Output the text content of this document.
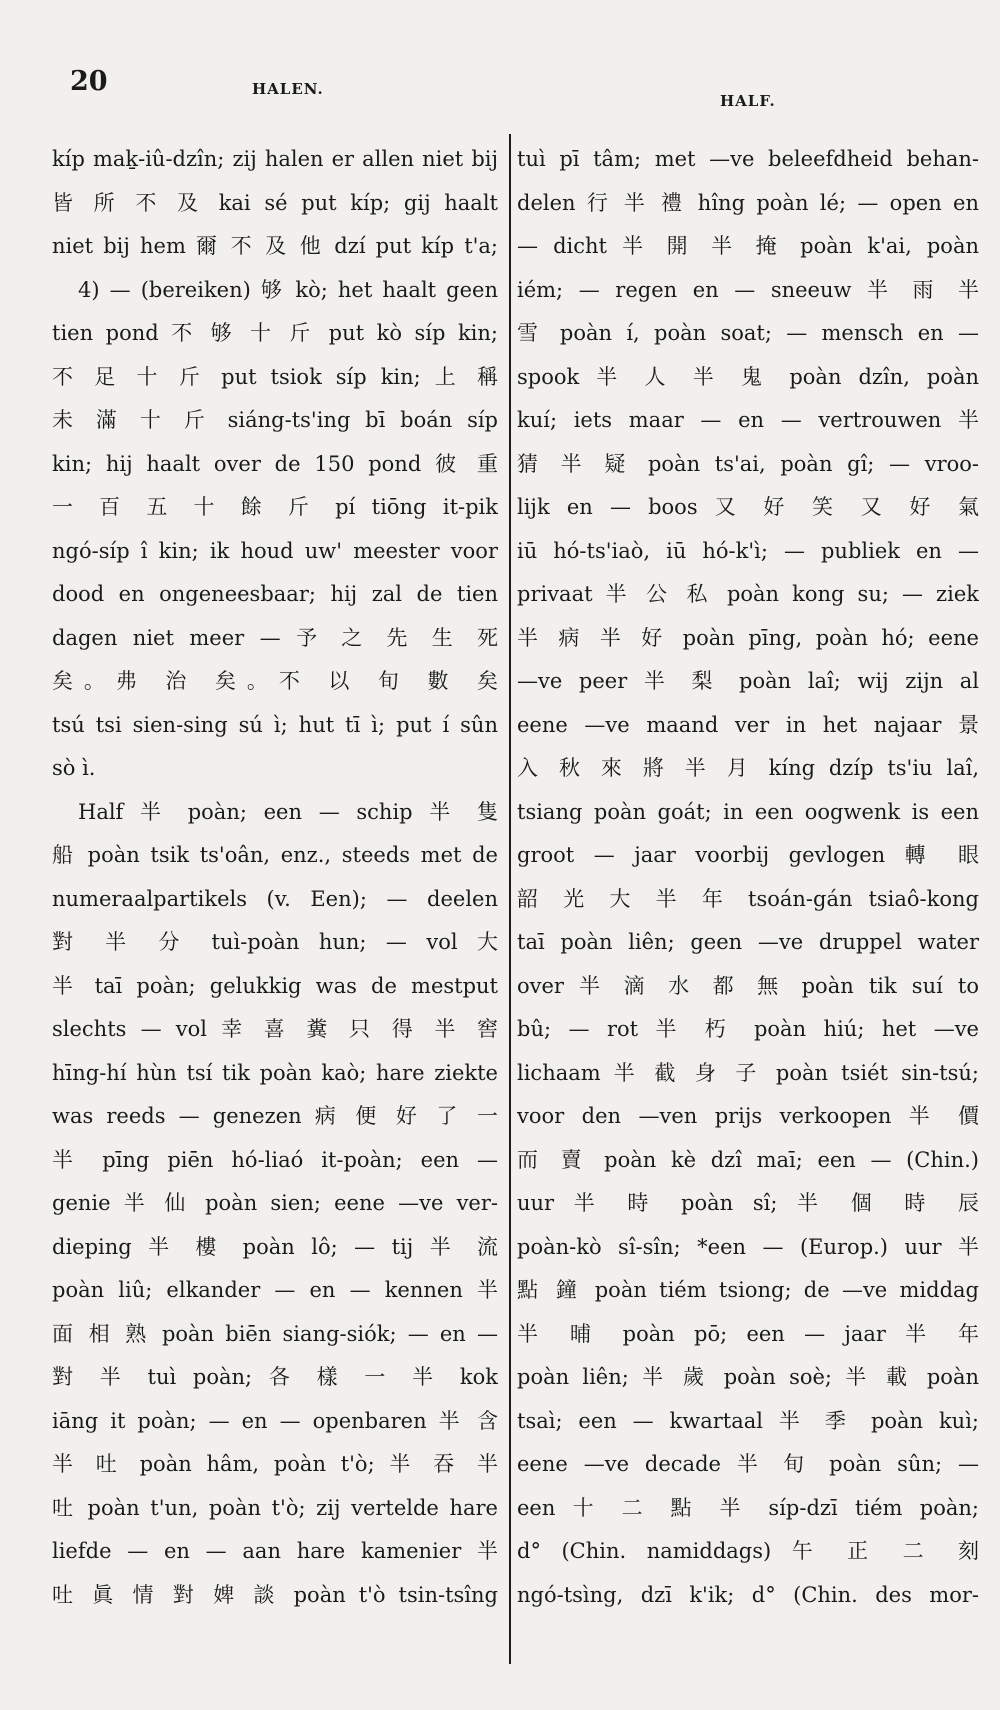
20	HALEN.
HALF.
kíp maḵ-iû-dzîn; zij halen er allen niet bij
皆 所 不 及 kai sé put kíp; gij haalt
niet bij hem 爾 不 及 他 dzí put kíp t'a;
4) — (bereiken) 够 kò; het haalt geen
tien pond 不 够 十 斤 put kò síp kin;
不 足 十 斤 put tsiok síp kin; 上 稱
未 滿 十 斤 siáng-ts'ing bī boán síp
kin; hij haalt over de 150 pond 彼 重
一 百 五 十 餘 斤 pí tiōng it-pik
ngó-síp î kin; ik houd uw' meester voor
dood en ongeneesbaar; hij zal de tien
dagen niet meer — 予 之 先 生 死
矣。弗 治 矣。不 以 旬 數 矣
tsú tsi sien-sing sú ì; hut tī ì; put í sûn
sò ì.
Half 半 poàn; een — schip 半 隻
船 poàn tsik ts'oân, enz., steeds met de
numeraalpartikels (v. Een); — deelen
對 半 分 tuì-poàn hun; — vol 大
半 taī poàn; gelukkig was de mestput
slechts — vol 幸 喜 糞 只 得 半 窖
hīng-hí hùn tsí tik poàn kaò; hare ziekte
was reeds — genezen 病 便 好 了 一
半 pīng piēn hó-liaó it-poàn; een —
genie 半 仙 poàn sien; eene —ve ver-
dieping 半 樓 poàn lô; — tij 半 流
poàn liû; elkander — en — kennen 半
面 相 熟 poàn biēn siang-siók; — en —
對 半 tuì poàn; 各 樣 一 半 kok
iāng it poàn; — en — openbaren 半 含
半 吐 poàn hâm, poàn t'ò; 半 吞 半
吐 poàn t'un, poàn t'ò; zij vertelde hare
liefde — en — aan hare kamenier 半
吐 眞 情 對 婢 談 poàn t'ò tsin-tsîng
tuì pī tâm; met —ve beleefdheid behan-
delen 行 半 禮 hîng poàn lé; — open en
— dicht 半 開 半 掩 poàn k'ai, poàn
iém; — regen en — sneeuw 半 雨 半
雪 poàn í, poàn soat; — mensch en —
spook 半 人 半 鬼 poàn dzîn, poàn
kuí; iets maar — en — vertrouwen 半
猜 半 疑 poàn ts'ai, poàn gî; — vroo-
lijk en — boos 又 好 笑 又 好 氣
iū hó-ts'iaò, iū hó-k'ì; — publiek en —
privaat 半 公 私 poàn kong su; — ziek
半 病 半 好 poàn pīng, poàn hó; eene
—ve peer 半 梨 poàn laî; wij zijn al
eene —ve maand ver in het najaar 景
入 秋 來 將 半 月 kíng dzíp ts'iu laî,
tsiang poàn goát; in een oogwenk is een
groot — jaar voorbij gevlogen 轉 眼
韶 光 大 半 年 tsoán-gán tsiaô-kong
taī poàn liên; geen —ve druppel water
over 半 滴 水 都 無 poàn tik suí to
bû; — rot 半 朽 poàn hiú; het —ve
lichaam 半 截 身 子 poàn tsiét sin-tsú;
voor den —ven prijs verkoopen 半 價
而 賣 poàn kè dzî maī; een — (Chin.)
uur 半 時 poàn sî; 半 個 時 辰
poàn-kò sî-sîn; *een — (Europ.) uur 半
點 鐘 poàn tiém tsiong; de —ve middag
半 晡 poàn pō; een — jaar 半 年
poàn liên; 半 歲 poàn soè; 半 載 poàn
tsaì; een — kwartaal 半 季 poàn kuì;
eene —ve decade 半 旬 poàn sûn; —
een 十 二 點 半 síp-dzī tiém poàn;
d° (Chin. namiddags) 午 正 二 刻
ngó-tsìng, dzī k'ik; d° (Chin. des mor-
